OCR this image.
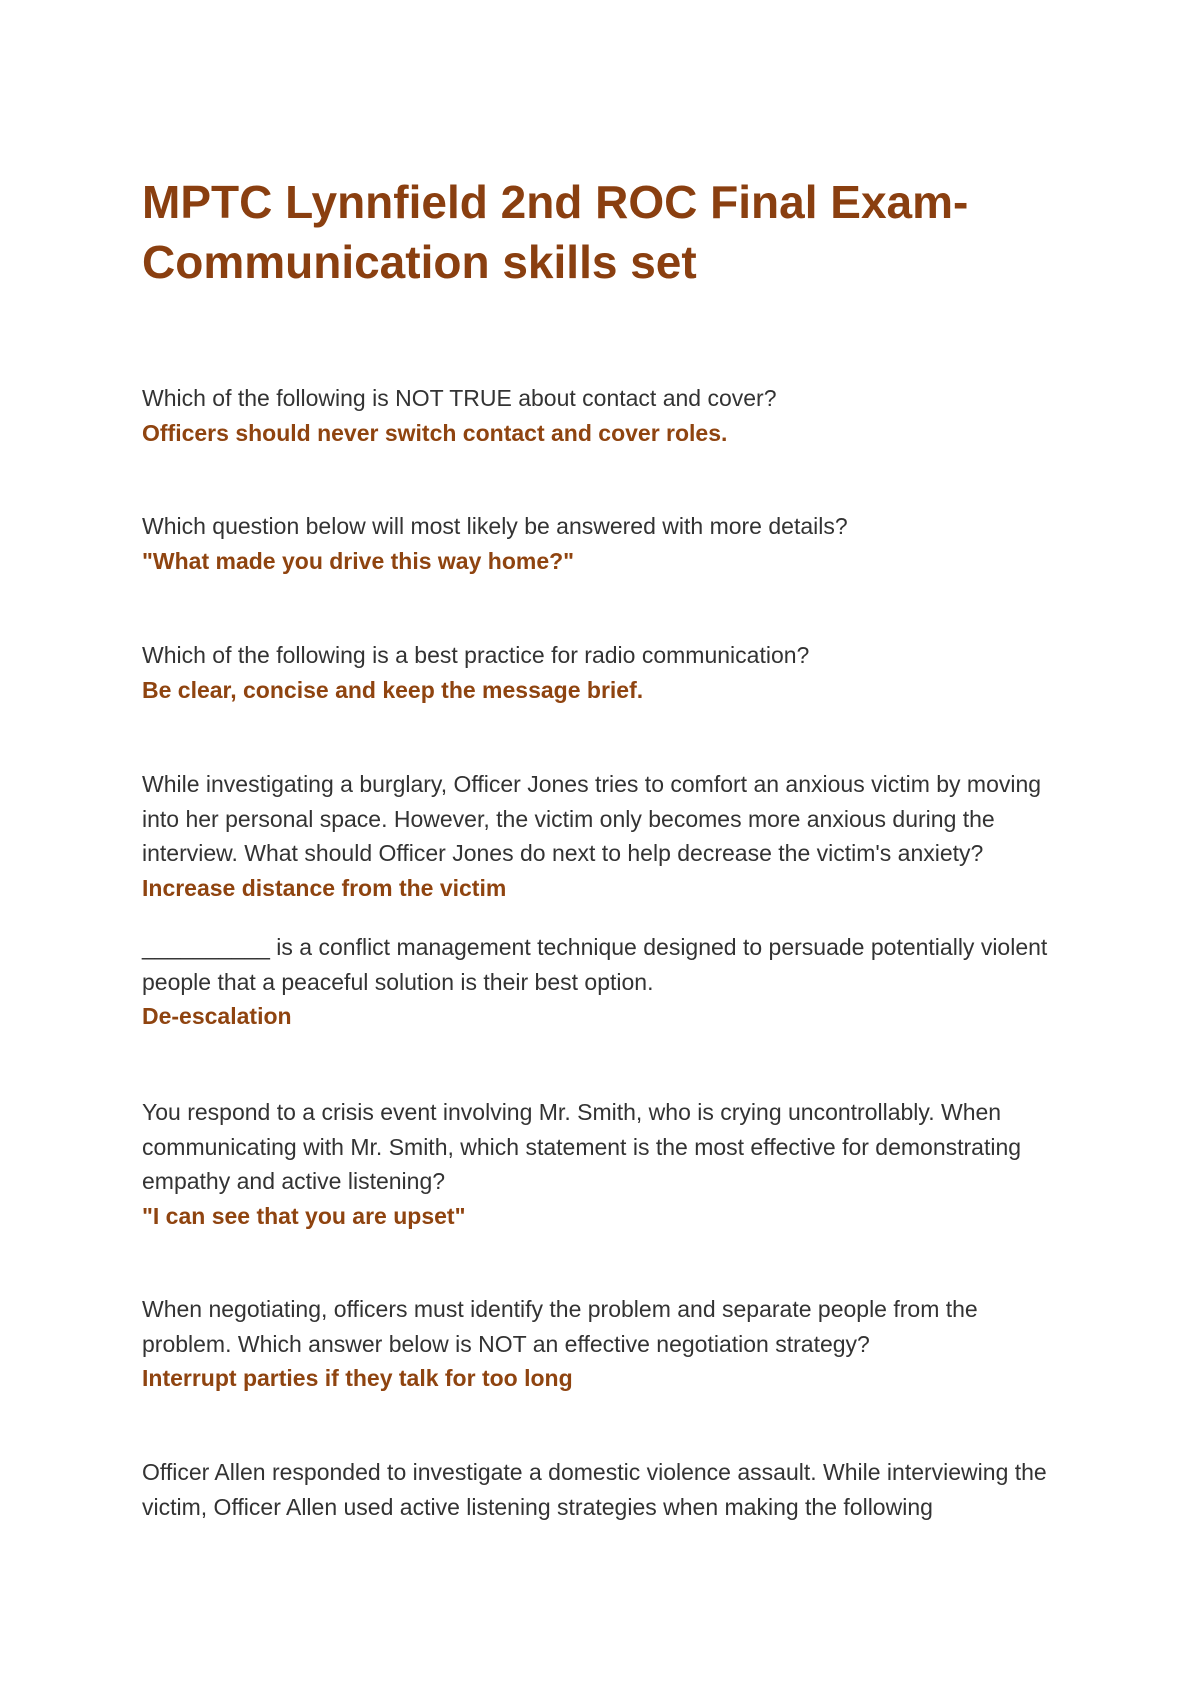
MPTC Lynnfield 2nd ROC Final Exam-
Communication skills set

Which of the following is NOT TRUE about contact and cover?

Officers should never switch contact and cover roles.

Which question below will most likely be answered with more details?

"What made you drive this way home?"

Which of the following is a best practice for radio communication?

Be clear, concise and keep the message brief.

While investigating a burglary, Officer Jones tries to comfort an anxious victim by moving into her personal space. However, the victim only becomes more anxious during the interview. What should Officer Jones do next to help decrease the victim's anxiety?

Increase distance from the victim

__________ is a conflict management technique designed to persuade potentially violent people that a peaceful solution is their best option.

De-escalation

You respond to a crisis event involving Mr. Smith, who is crying uncontrollably. When communicating with Mr. Smith, which statement is the most effective for demonstrating empathy and active listening?

"I can see that you are upset"

When negotiating, officers must identify the problem and separate people from the problem. Which answer below is NOT an effective negotiation strategy?

Interrupt parties if they talk for too long

Officer Allen responded to investigate a domestic violence assault. While interviewing the victim, Officer Allen used active listening strategies when making the following
